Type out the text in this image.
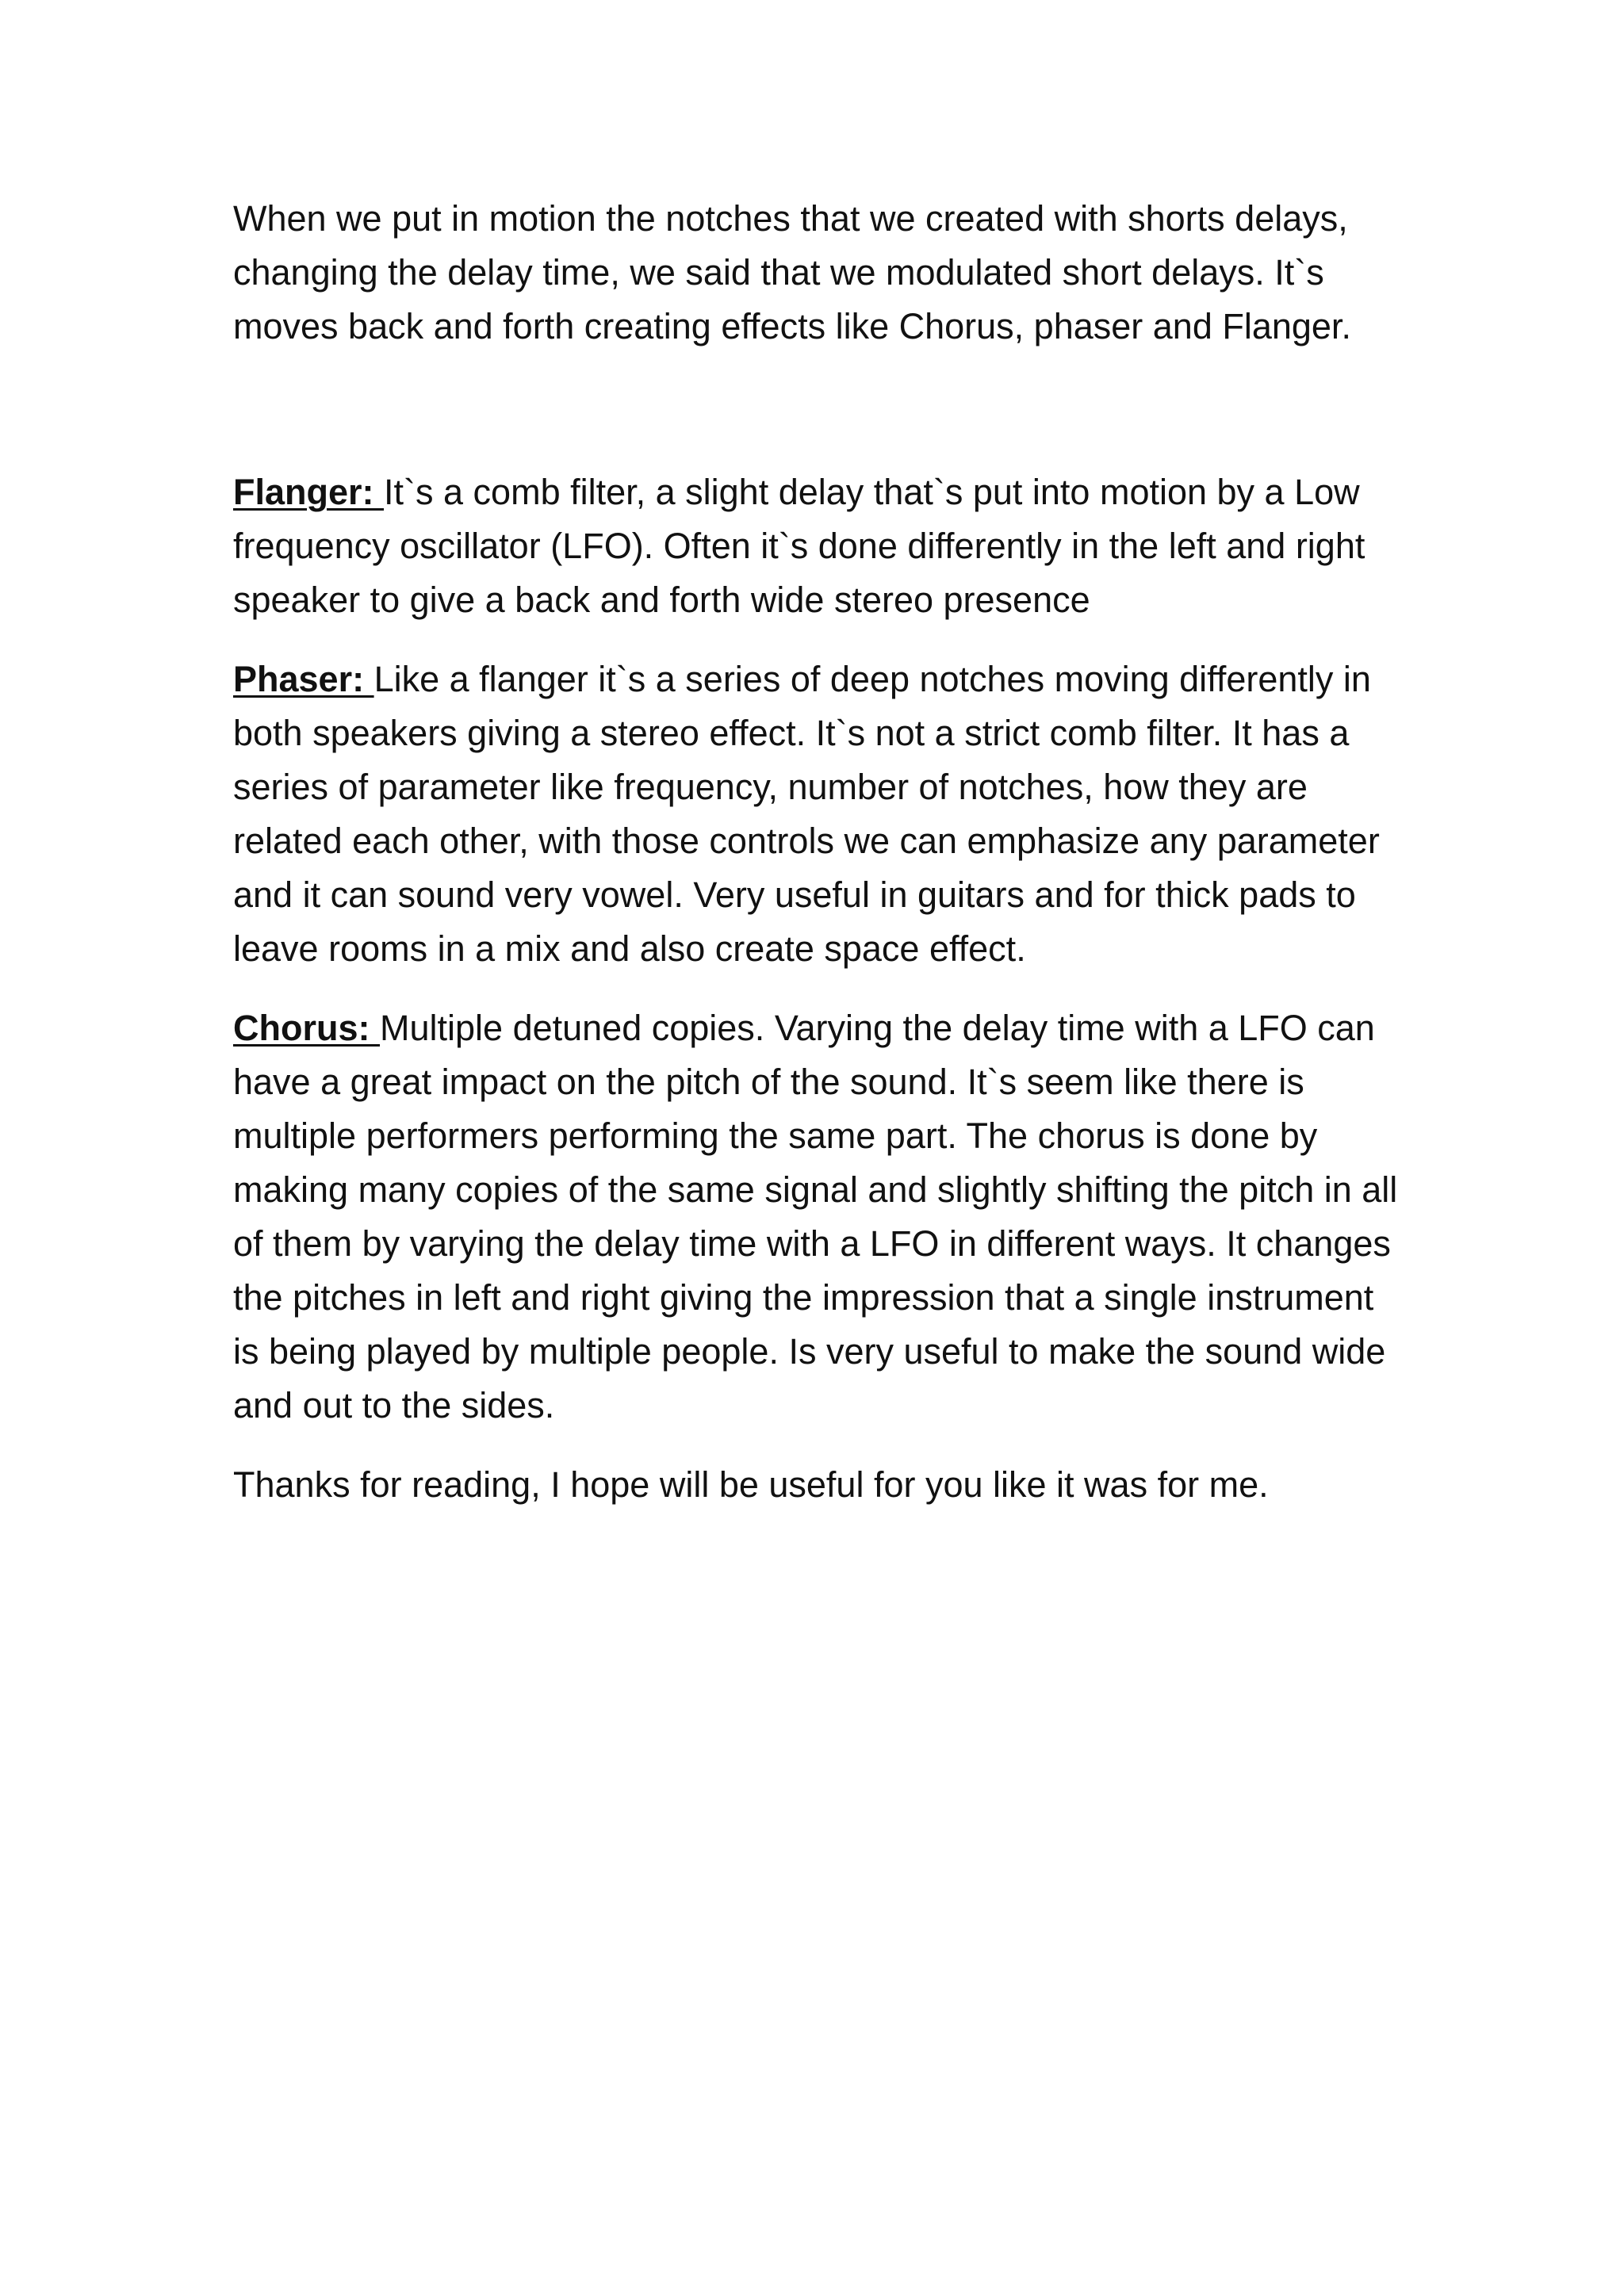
When we put in motion the notches that we created with shorts delays,
changing the delay time, we said that we modulated short delays. It`s
moves back and forth creating effects like Chorus, phaser and Flanger.

Flanger: It`s a comb filter, a slight delay that`s put into motion by a Low
frequency oscillator (LFO). Often it`s done differently in the left and right
speaker to give a back and forth wide stereo presence

Phaser: Like a flanger it`s a series of deep notches moving differently in
both speakers giving a stereo effect. It`s not a strict comb filter. It has a
series of parameter like frequency, number of notches, how they are
related each other, with those controls we can emphasize any parameter
and it can sound very vowel. Very useful in guitars and for thick pads to
leave rooms in a mix and also create space effect.

Chorus: Multiple detuned copies. Varying the delay time with a LFO can
have a great impact on the pitch of the sound. It`s seem like there is
multiple performers performing the same part. The chorus is done by
making many copies of the same signal and slightly shifting the pitch in all
of them by varying the delay time with a LFO in different ways. It changes
the pitches in left and right giving the impression that a single instrument
is being played by multiple people. Is very useful to make the sound wide
and out to the sides.

Thanks for reading, I hope will be useful for you like it was for me.
